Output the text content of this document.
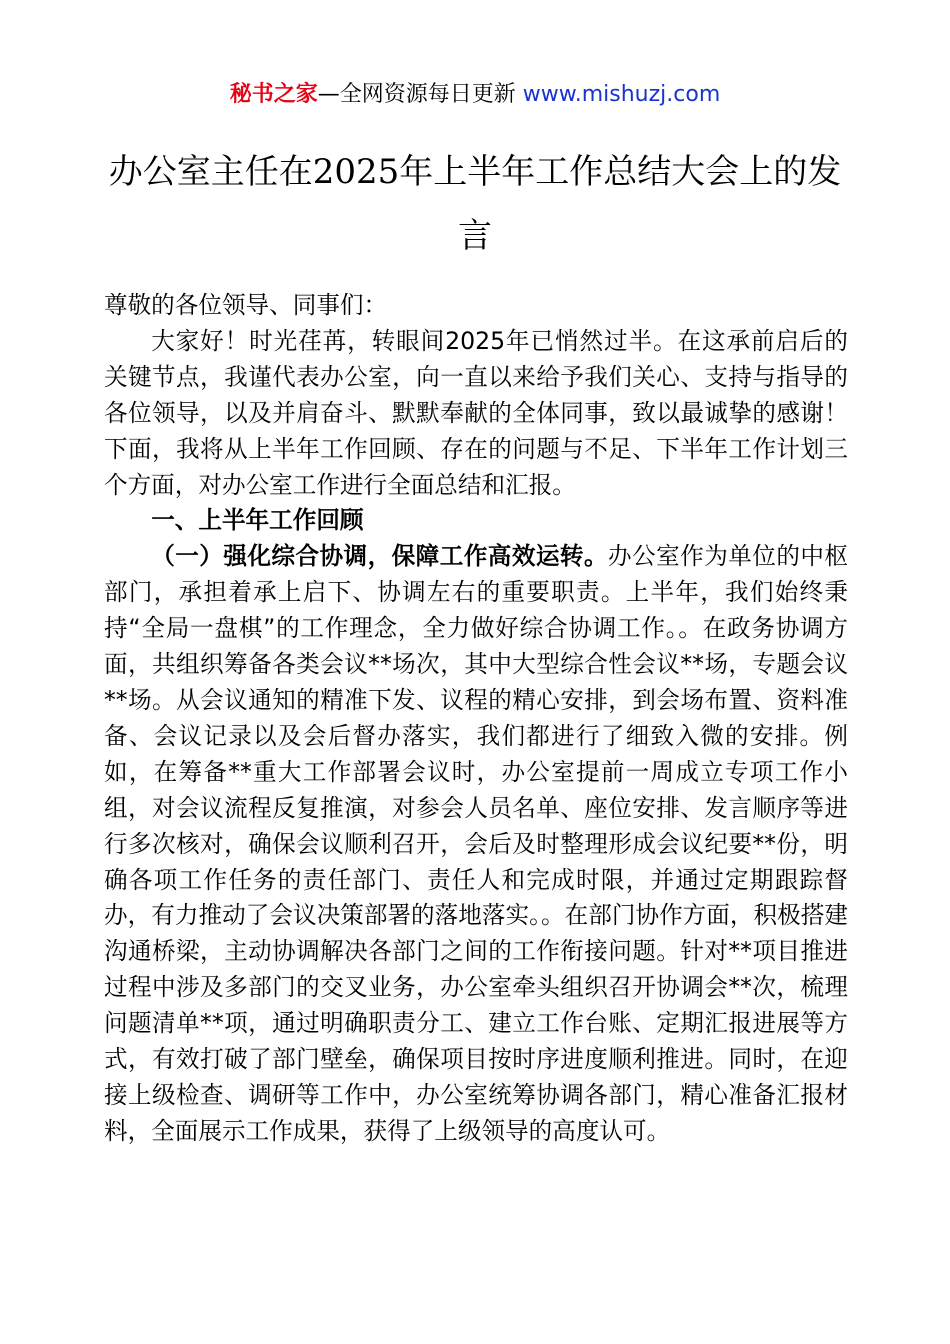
秘书之家—全网资源每日更新 www.mishuzj.com
办公室主任在2025年上半年工作总结大会上的发言

尊敬的各位领导、同事们：

大家好！时光荏苒，转眼间2025年已悄然过半。在这承前启后的关键节点，我谨代表办公室，向一直以来给予我们关心、支持与指导的各位领导，以及并肩奋斗、默默奉献的全体同事，致以最诚挚的感谢！下面，我将从上半年工作回顾、存在的问题与不足、下半年工作计划三个方面，对办公室工作进行全面总结和汇报。

一、上半年工作回顾

（一）强化综合协调，保障工作高效运转。办公室作为单位的中枢部门，承担着承上启下、协调左右的重要职责。上半年，我们始终秉持“全局一盘棋”的工作理念，全力做好综合协调工作。。在政务协调方面，共组织筹备各类会议**场次，其中大型综合性会议**场，专题会议**场。从会议通知的精准下发、议程的精心安排，到会场布置、资料准备、会议记录以及会后督办落实，我们都进行了细致入微的安排。例如，在筹备**重大工作部署会议时，办公室提前一周成立专项工作小组，对会议流程反复推演，对参会人员名单、座位安排、发言顺序等进行多次核对，确保会议顺利召开，会后及时整理形成会议纪要**份，明确各项工作任务的责任部门、责任人和完成时限，并通过定期跟踪督办，有力推动了会议决策部署的落地落实。。在部门协作方面，积极搭建沟通桥梁，主动协调解决各部门之间的工作衔接问题。针对**项目推进过程中涉及多部门的交叉业务，办公室牵头组织召开协调会**次，梳理问题清单**项，通过明确职责分工、建立工作台账、定期汇报进展等方式，有效打破了部门壁垒，确保项目按时序进度顺利推进。同时，在迎接上级检查、调研等工作中，办公室统筹协调各部门，精心准备汇报材料，全面展示工作成果，获得了上级领导的高度认可。
